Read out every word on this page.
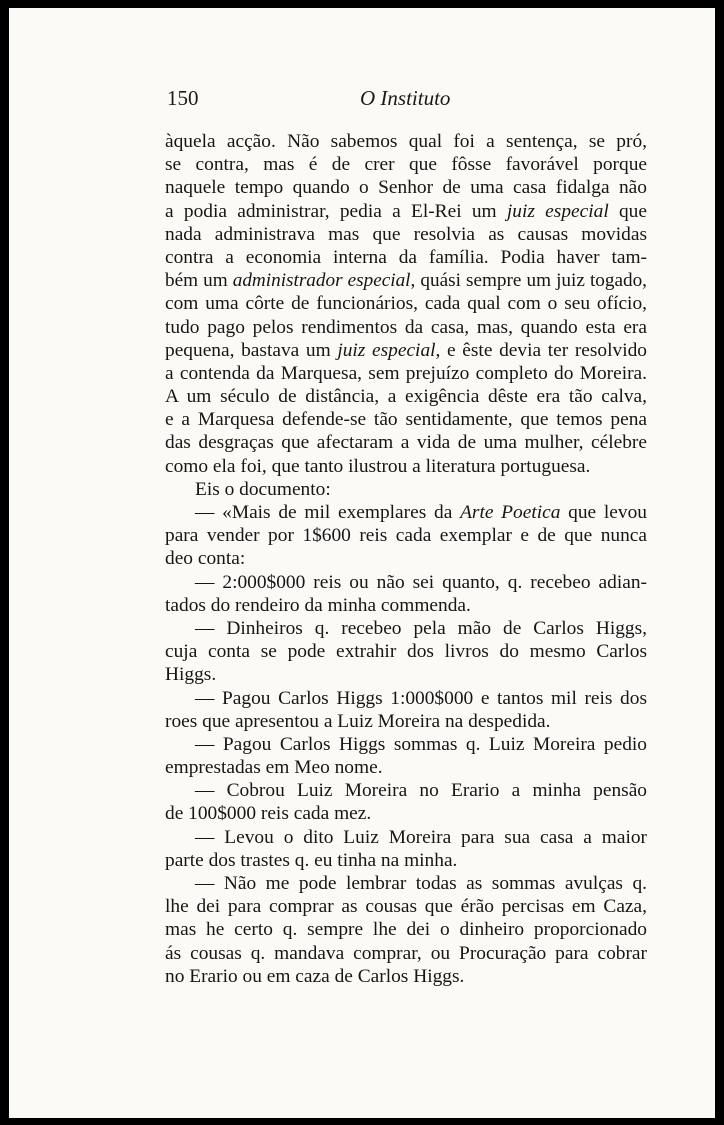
150	O Instituto
àquela acção. Não sabemos qual foi a sentença, se pró,
se contra, mas é de crer que fôsse favorável porque
naquele tempo quando o Senhor de uma casa fidalga não
a podia administrar, pedia a El-Rei um juiz especial que
nada administrava mas que resolvia as causas movidas
contra a economia interna da família. Podia haver tam-
bém um administrador especial, quási sempre um juiz togado,
com uma côrte de funcionários, cada qual com o seu ofício,
tudo pago pelos rendimentos da casa, mas, quando esta era
pequena, bastava um juiz especial, e êste devia ter resolvido
a contenda da Marquesa, sem prejuízo completo do Moreira.
A um século de distância, a exigência dêste era tão calva,
e a Marquesa defende-se tão sentidamente, que temos pena
das desgraças que afectaram a vida de uma mulher, célebre
como ela foi, que tanto ilustrou a literatura portuguesa.
Eis o documento:
— «Mais de mil exemplares da Arte Poetica que levou
para vender por 1$600 reis cada exemplar e de que nunca
deo conta:
— 2:000$000 reis ou não sei quanto, q. recebeo adian-
tados do rendeiro da minha commenda.
— Dinheiros q. recebeo pela mão de Carlos Higgs,
cuja conta se pode extrahir dos livros do mesmo Carlos
Higgs.
— Pagou Carlos Higgs 1:000$000 e tantos mil reis dos
roes que apresentou a Luiz Moreira na despedida.
— Pagou Carlos Higgs sommas q. Luiz Moreira pedio
emprestadas em Meo nome.
— Cobrou Luiz Moreira no Erario a minha pensão
de 100$000 reis cada mez.
— Levou o dito Luiz Moreira para sua casa a maior
parte dos trastes q. eu tinha na minha.
— Não me pode lembrar todas as sommas avulças q.
lhe dei para comprar as cousas que érão percisas em Caza,
mas he certo q. sempre lhe dei o dinheiro proporcionado
ás cousas q. mandava comprar, ou Procuração para cobrar
no Erario ou em caza de Carlos Higgs.
